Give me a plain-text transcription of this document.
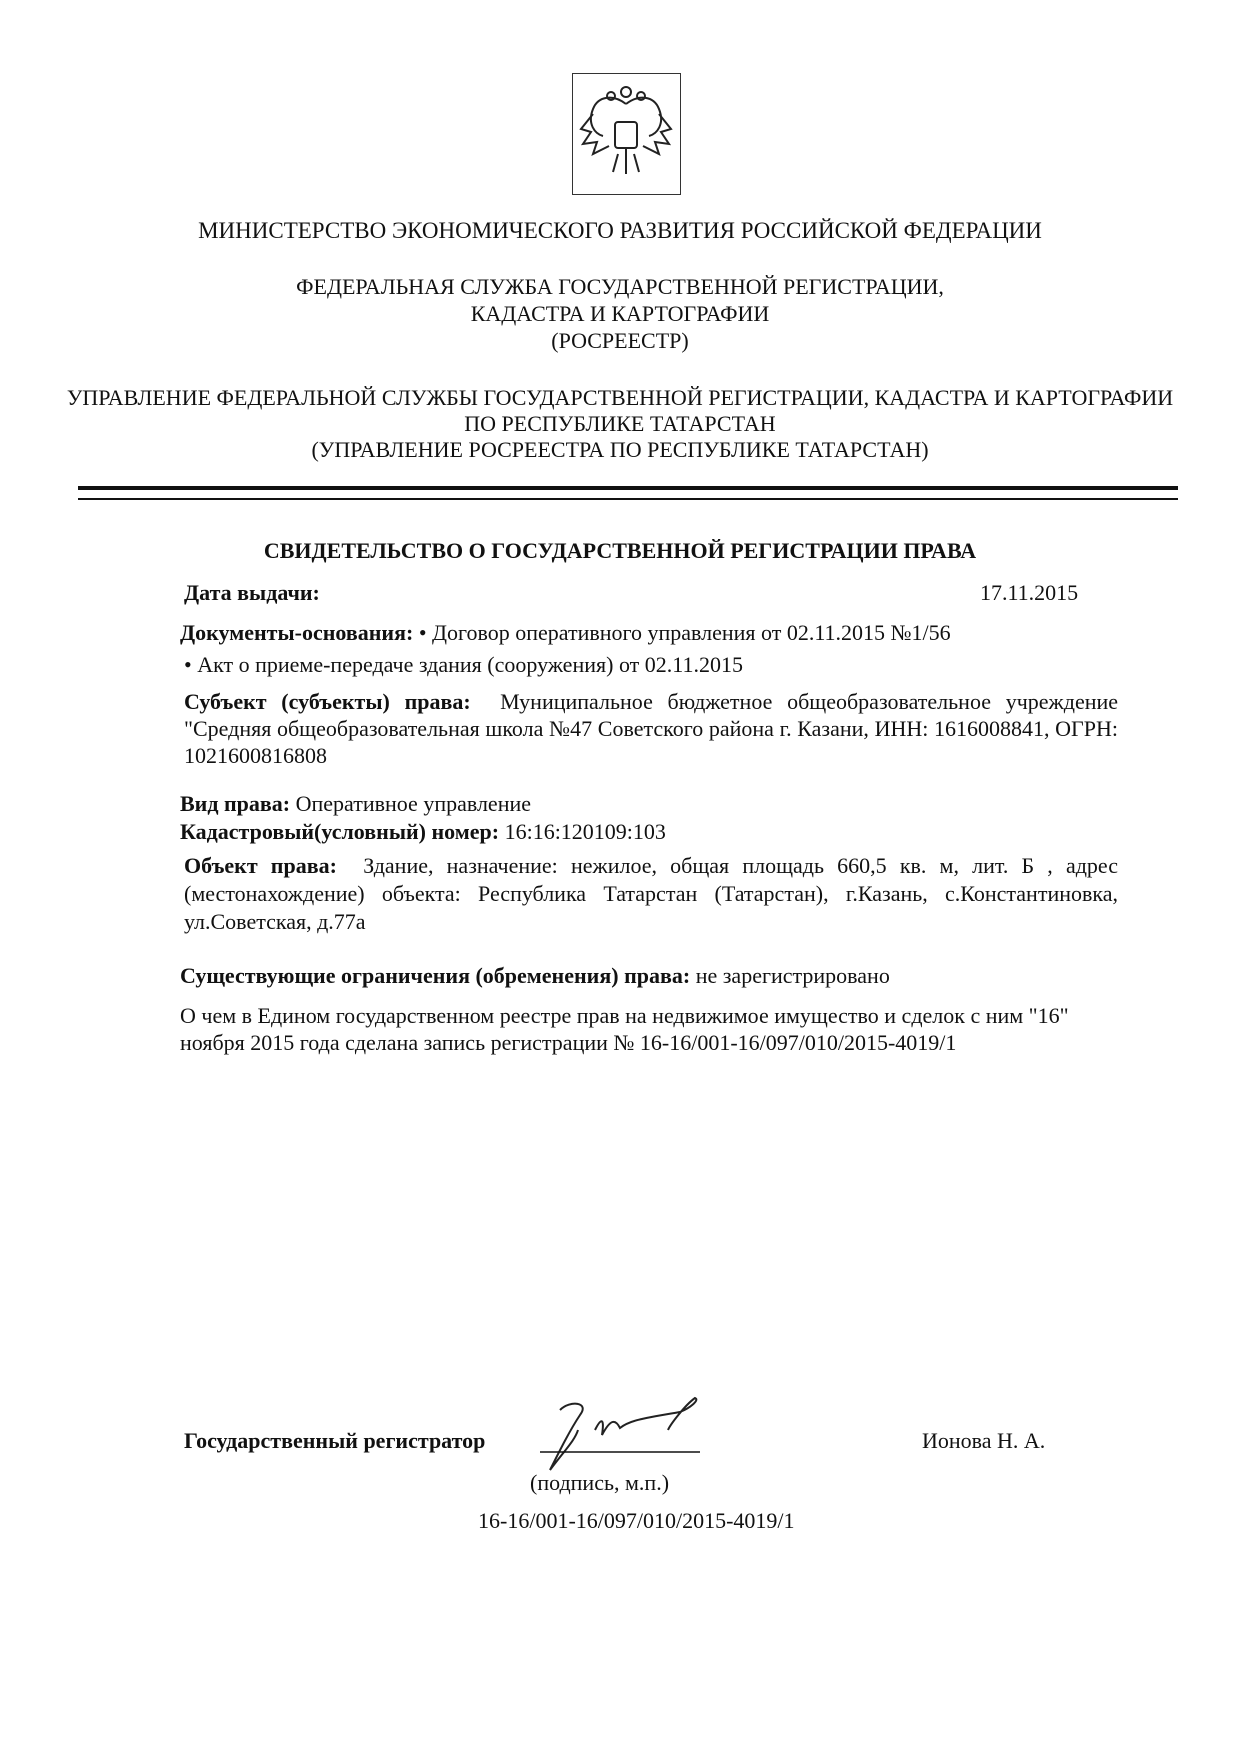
МИНИСТЕРСТВО ЭКОНОМИЧЕСКОГО РАЗВИТИЯ РОССИЙСКОЙ ФЕДЕРАЦИИ
ФЕДЕРАЛЬНАЯ СЛУЖБА ГОСУДАРСТВЕННОЙ РЕГИСТРАЦИИ,
КАДАСТРА И КАРТОГРАФИИ
(РОСРЕЕСТР)
УПРАВЛЕНИЕ ФЕДЕРАЛЬНОЙ СЛУЖБЫ ГОСУДАРСТВЕННОЙ РЕГИСТРАЦИИ, КАДАСТРА И КАРТОГРАФИИ
ПО РЕСПУБЛИКЕ ТАТАРСТАН
(УПРАВЛЕНИЕ РОСРЕЕСТРА ПО РЕСПУБЛИКЕ ТАТАРСТАН)
СВИДЕТЕЛЬСТВО О ГОСУДАРСТВЕННОЙ РЕГИСТРАЦИИ ПРАВА
Дата выдачи:	17.11.2015
Документы-основания: • Договор оперативного управления от 02.11.2015 №1/56
• Акт о приеме-передаче здания (сооружения) от 02.11.2015
Субъект (субъекты) права: Муниципальное бюджетное общеобразовательное учреждение "Средняя общеобразовательная школа №47 Советского района г. Казани, ИНН: 1616008841, ОГРН: 1021600816808
Вид права: Оперативное управление
Кадастровый(условный) номер: 16:16:120109:103
Объект права: Здание, назначение: нежилое, общая площадь 660,5 кв. м, лит. Б , адрес (местонахождение) объекта: Республика Татарстан (Татарстан), г.Казань, с.Константиновка, ул.Советская, д.77а
Существующие ограничения (обременения) права: не зарегистрировано
О чем в Едином государственном реестре прав на недвижимое имущество и сделок с ним "16" ноября 2015 года сделана запись регистрации № 16-16/001-16/097/010/2015-4019/1
Государственный регистратор	Ионова Н. А.
(подпись, м.п.)
16-16/001-16/097/010/2015-4019/1
